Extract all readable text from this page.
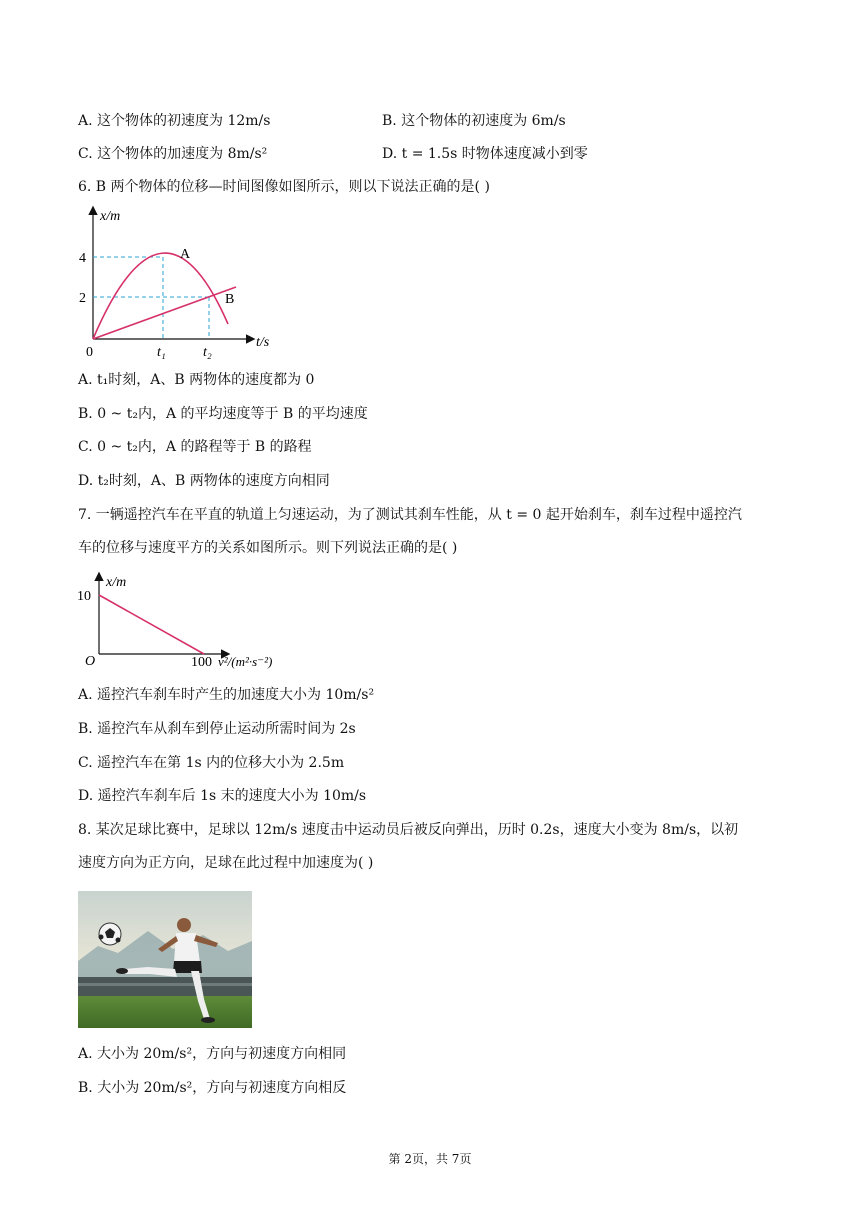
A. 这个物体的初速度为 12m/s	B. 这个物体的初速度为 6m/s
C. 这个物体的加速度为 8m/s²	D. t = 1.5s 时物体速度减小到零
6. B 两个物体的位移—时间图像如图所示，则以下说法正确的是( )
x/m
t/s
0
4
2
t₁	t₂
A
B
A. t₁时刻，A、B 两物体的速度都为 0
B. 0 ~ t₂内，A 的平均速度等于 B 的平均速度
C. 0 ~ t₂内，A 的路程等于 B 的路程
D. t₂时刻，A、B 两物体的速度方向相同
7. 一辆遥控汽车在平直的轨道上匀速运动，为了测试其刹车性能，从 t = 0 起开始刹车，刹车过程中遥控汽
车的位移与速度平方的关系如图所示。则下列说法正确的是( )
x/m
10
O	100 v²/(m²·s⁻²)
A. 遥控汽车刹车时产生的加速度大小为 10m/s²
B. 遥控汽车从刹车到停止运动所需时间为 2s
C. 遥控汽车在第 1s 内的位移大小为 2.5m
D. 遥控汽车刹车后 1s 末的速度大小为 10m/s
8. 某次足球比赛中，足球以 12m/s 速度击中运动员后被反向弹出，历时 0.2s，速度大小变为 8m/s，以初
速度方向为正方向，足球在此过程中加速度为( )
A. 大小为 20m/s²，方向与初速度方向相同
B. 大小为 20m/s²，方向与初速度方向相反
第 2页，共 7页
